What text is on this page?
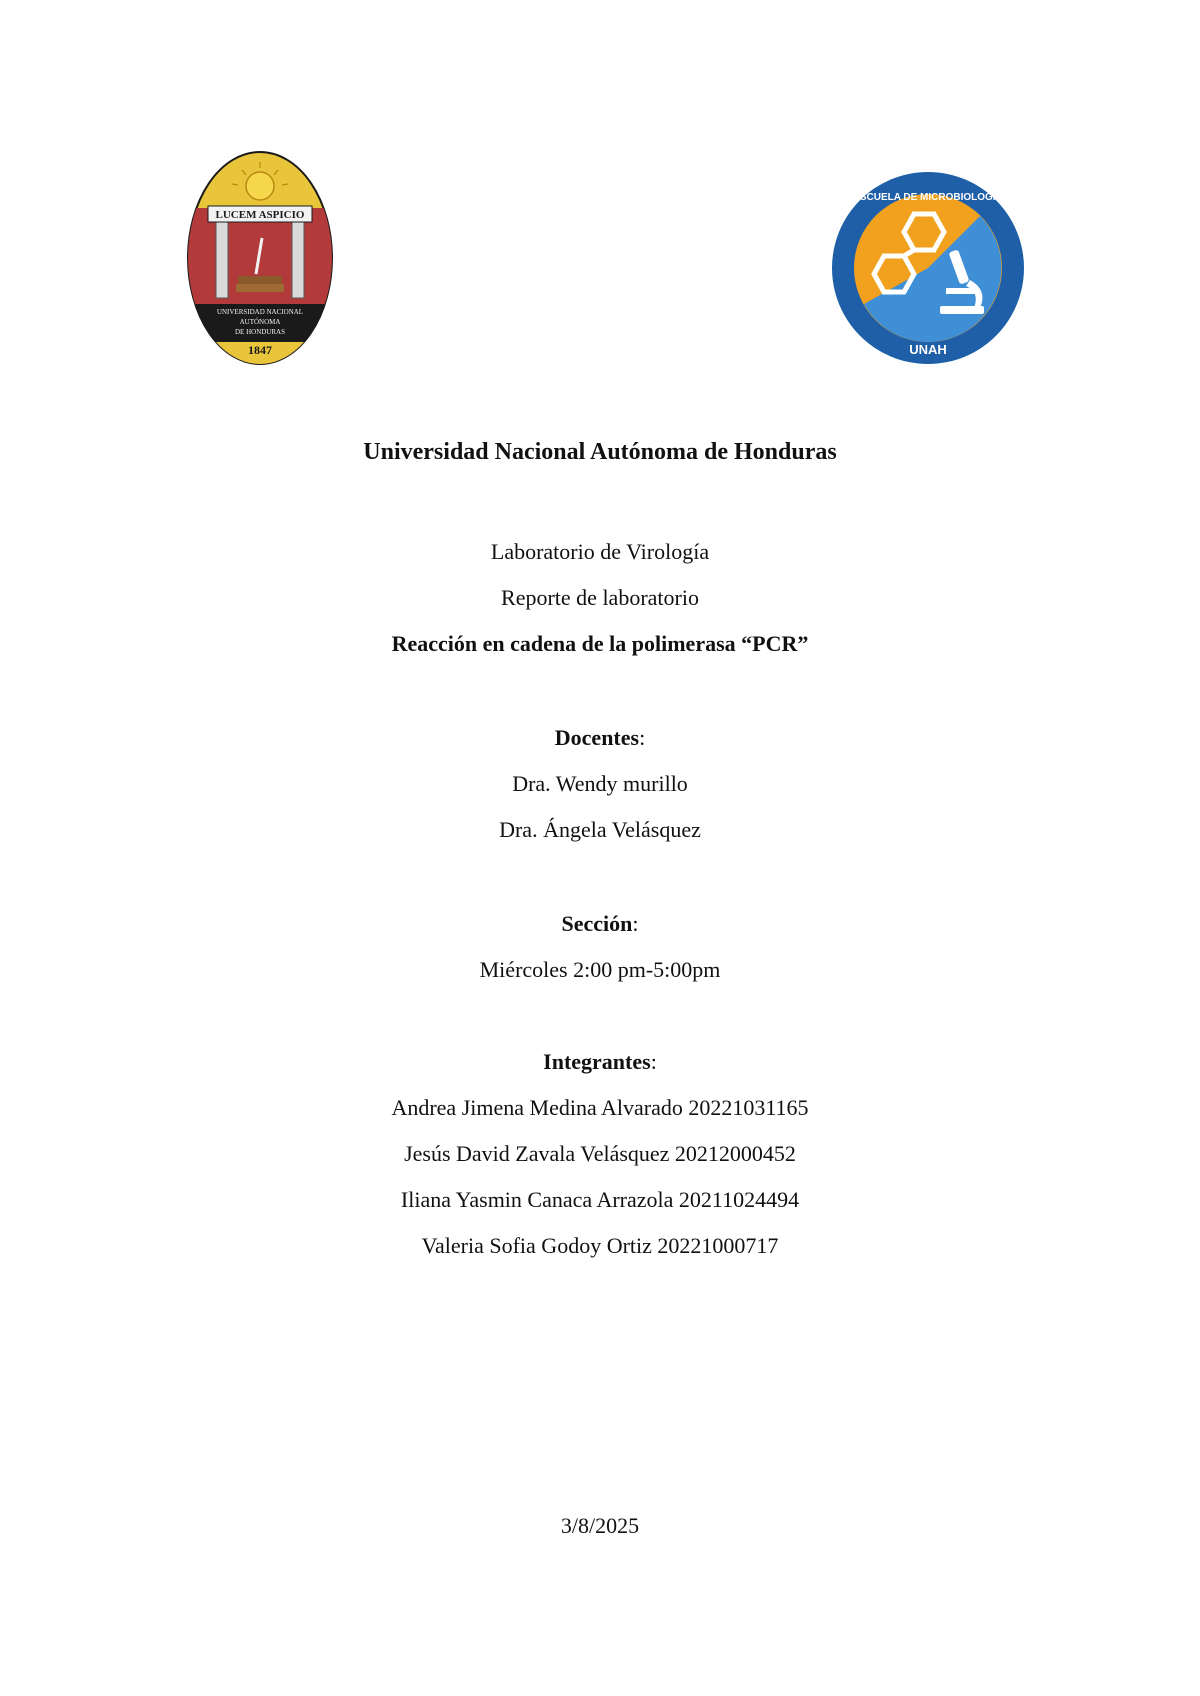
LUCEM ASPICIO
UNIVERSIDAD NACIONAL
AUTÓNOMA
DE HONDURAS
1847
ESCUELA DE MICROBIOLOGÍA
UNAH
Universidad Nacional Autónoma de Honduras
Laboratorio de Virología
Reporte de laboratorio
Reacción en cadena de la polimerasa “PCR”
Docentes:
Dra. Wendy murillo
Dra. Ángela Velásquez
Sección:
Miércoles 2:00 pm-5:00pm
Integrantes:
Andrea Jimena Medina Alvarado 20221031165
Jesús David Zavala Velásquez 20212000452
Iliana Yasmin Canaca Arrazola 20211024494
Valeria Sofia Godoy Ortiz 20221000717
3/8/2025
